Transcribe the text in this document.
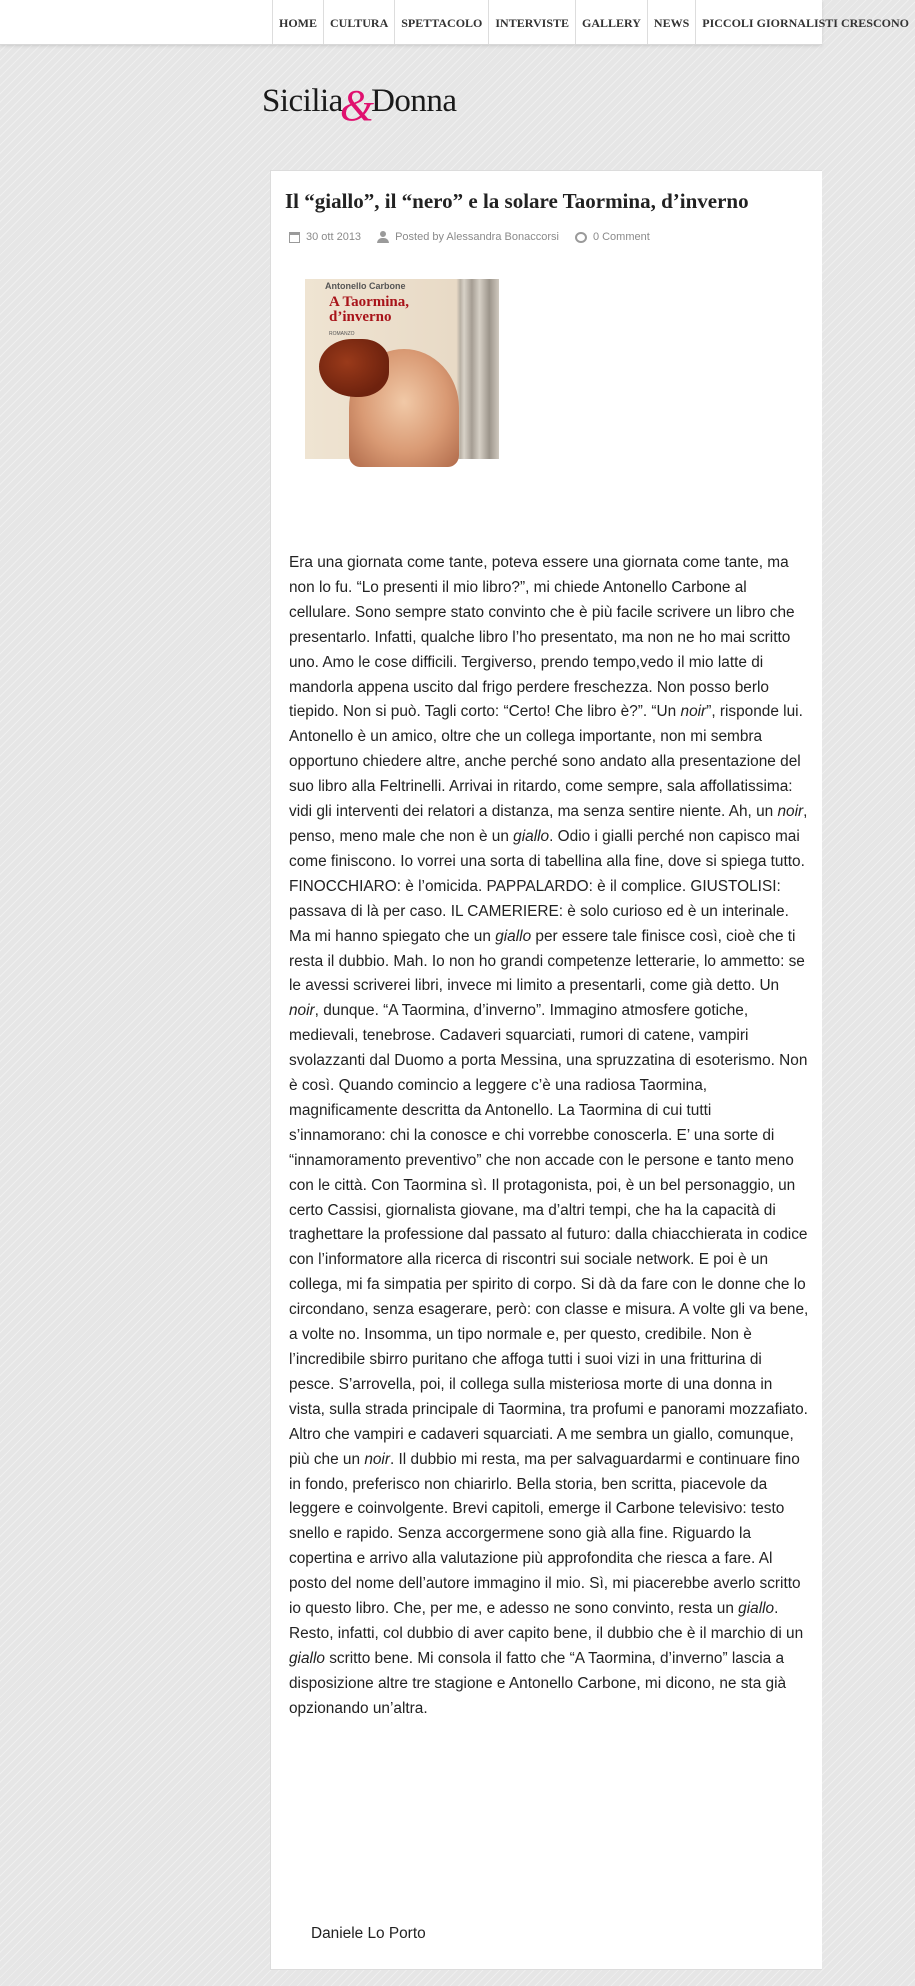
HOME	CULTURA	SPETTACOLO	INTERVISTE	GALLERY	NEWS	PICCOLI GIORNALISTI CRESCONO
Sicilia&Donna
Il “giallo”, il “nero” e la solare Taormina, d’inverno
30 ott 2013	Posted by Alessandra Bonaccorsi	0 Comment
Antonello Carbone
A Taormina, d’inverno
ROMANZO

Era una giornata come tante, poteva essere una giornata come tante, ma non lo fu. “Lo presenti il mio libro?”, mi chiede Antonello Carbone al cellulare. Sono sempre stato convinto che è più facile scrivere un libro che presentarlo. Infatti, qualche libro l’ho presentato, ma non ne ho mai scritto uno. Amo le cose difficili. Tergiverso, prendo tempo,vedo il mio latte di mandorla appena uscito dal frigo perdere freschezza. Non posso berlo tiepido. Non si può. Tagli corto: “Certo! Che libro è?”. “Un noir”, risponde lui. Antonello è un amico, oltre che un collega importante, non mi sembra opportuno chiedere altre, anche perché sono andato alla presentazione del suo libro alla Feltrinelli. Arrivai in ritardo, come sempre, sala affollatissima: vidi gli interventi dei relatori a distanza, ma senza sentire niente. Ah, un noir, penso, meno male che non è un giallo. Odio i gialli perché non capisco mai come finiscono. Io vorrei una sorta di tabellina alla fine, dove si spiega tutto. FINOCCHIARO: è l’omicida. PAPPALARDO: è il complice. GIUSTOLISI: passava di là per caso. IL CAMERIERE: è solo curioso ed è un interinale. Ma mi hanno spiegato che un giallo per essere tale finisce così, cioè che ti resta il dubbio. Mah. Io non ho grandi competenze letterarie, lo ammetto: se le avessi scriverei libri, invece mi limito a presentarli, come già detto. Un noir, dunque. “A Taormina, d’inverno”. Immagino atmosfere gotiche, medievali, tenebrose. Cadaveri squarciati, rumori di catene, vampiri svolazzanti dal Duomo a porta Messina, una spruzzatina di esoterismo. Non è così. Quando comincio a leggere c’è una radiosa Taormina, magnificamente descritta da Antonello. La Taormina di cui tutti s’innamorano: chi la conosce e chi vorrebbe conoscerla. E’ una sorte di “innamoramento preventivo” che non accade con le persone e tanto meno con le città. Con Taormina sì. Il protagonista, poi, è un bel personaggio, un certo Cassisi, giornalista giovane, ma d’altri tempi, che ha la capacità di traghettare la professione dal passato al futuro: dalla chiacchierata in codice con l’informatore alla ricerca di riscontri sui sociale network. E poi è un collega, mi fa simpatia per spirito di corpo. Si dà da fare con le donne che lo circondano, senza esagerare, però: con classe e misura. A volte gli va bene, a volte no. Insomma, un tipo normale e, per questo, credibile. Non è l’incredibile sbirro puritano che affoga tutti i suoi vizi in una fritturina di pesce. S’arrovella, poi, il collega sulla misteriosa morte di una donna in vista, sulla strada principale di Taormina, tra profumi e panorami mozzafiato. Altro che vampiri e cadaveri squarciati. A me sembra un giallo, comunque, più che un noir. Il dubbio mi resta, ma per salvaguardarmi e continuare fino in fondo, preferisco non chiarirlo. Bella storia, ben scritta, piacevole da leggere e coinvolgente. Brevi capitoli, emerge il Carbone televisivo: testo snello e rapido. Senza accorgermene sono già alla fine. Riguardo la copertina e arrivo alla valutazione più approfondita che riesca a fare. Al posto del nome dell’autore immagino il mio. Sì, mi piacerebbe averlo scritto io questo libro. Che, per me, e adesso ne sono convinto, resta un giallo. Resto, infatti, col dubbio di aver capito bene, il dubbio che è il marchio di un giallo scritto bene. Mi consola il fatto che “A Taormina, d’inverno” lascia a disposizione altre tre stagione e Antonello Carbone, mi dicono, ne sta già opzionando un’altra.

Daniele Lo Porto
